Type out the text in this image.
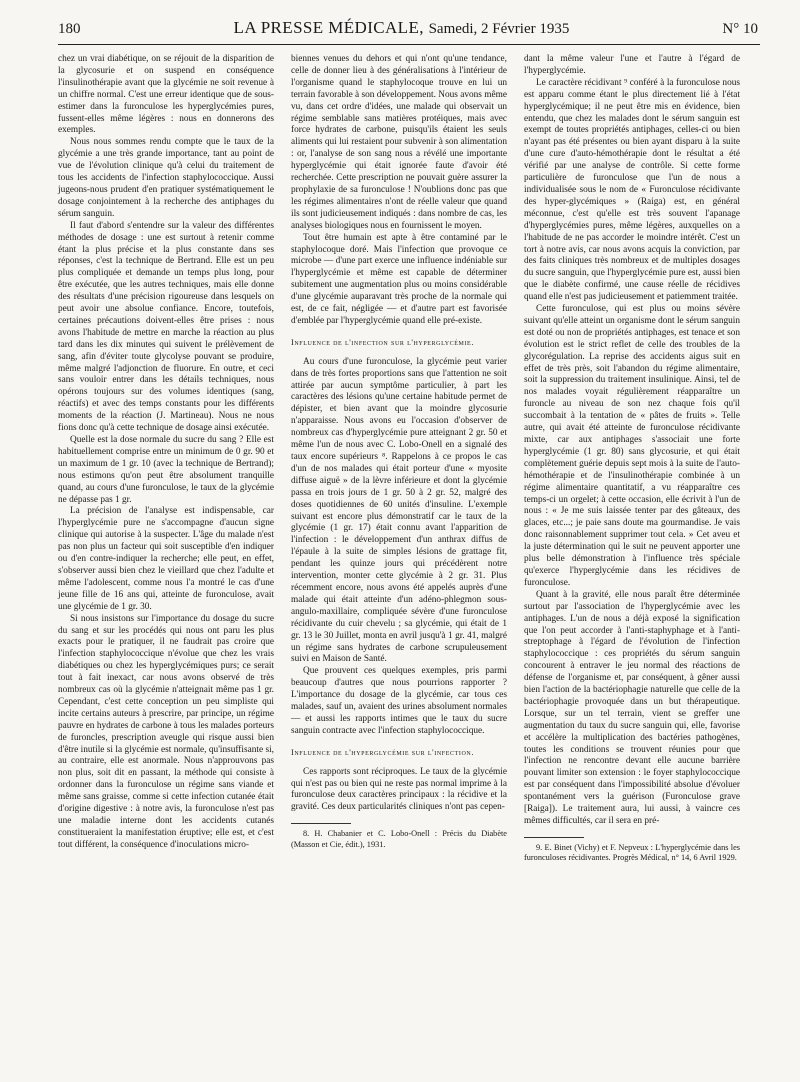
180	LA PRESSE MÉDICALE, Samedi, 2 Février 1935	N° 10

chez un vrai diabétique, on se réjouit de la disparition de la glycosurie et on suspend en conséquence l'insulinothérapie avant que la glycémie ne soit revenue à un chiffre normal. C'est une erreur identique que de sous-estimer dans la furonculose les hyperglycémies pures, fussent-elles même légères : nous en donnerons des exemples.

Nous nous sommes rendu compte que le taux de la glycémie a une très grande importance, tant au point de vue de l'évolution clinique qu'à celui du traitement de tous les accidents de l'infection staphylococcique. Aussi jugeons-nous prudent d'en pratiquer systématiquement le dosage conjointement à la recherche des antiphages du sérum sanguin.

Il faut d'abord s'entendre sur la valeur des différentes méthodes de dosage : une est surtout à retenir comme étant la plus précise et la plus constante dans ses réponses, c'est la technique de Bertrand. Elle est un peu plus compliquée et demande un temps plus long, pour être exécutée, que les autres techniques, mais elle donne des résultats d'une précision rigoureuse dans lesquels on peut avoir une absolue confiance. Encore, toutefois, certaines précautions doivent-elles être prises : nous avons l'habitude de mettre en marche la réaction au plus tard dans les dix minutes qui suivent le prélèvement de sang, afin d'éviter toute glycolyse pouvant se produire, même malgré l'adjonction de fluorure. En outre, et ceci sans vouloir entrer dans les détails techniques, nous opérons toujours sur des volumes identiques (sang, réactifs) et avec des temps constants pour les différents moments de la réaction (J. Martineau). Nous ne nous fions donc qu'à cette technique de dosage ainsi exécutée.

Quelle est la dose normale du sucre du sang ? Elle est habituellement comprise entre un minimum de 0 gr. 90 et un maximum de 1 gr. 10 (avec la technique de Bertrand); nous estimons qu'on peut être absolument tranquille quand, au cours d'une furonculose, le taux de la glycémie ne dépasse pas 1 gr.

La précision de l'analyse est indispensable, car l'hyperglycémie pure ne s'accompagne d'aucun signe clinique qui autorise à la suspecter. L'âge du malade n'est pas non plus un facteur qui soit susceptible d'en indiquer ou d'en contre-indiquer la recherche; elle peut, en effet, s'observer aussi bien chez le vieillard que chez l'adulte et même l'adolescent, comme nous l'a montré le cas d'une jeune fille de 16 ans qui, atteinte de furonculose, avait une glycémie de 1 gr. 30.

Si nous insistons sur l'importance du dosage du sucre du sang et sur les procédés qui nous ont paru les plus exacts pour le pratiquer, il ne faudrait pas croire que l'infection staphylococcique n'évolue que chez les vrais diabétiques ou chez les hyperglycémiques purs; ce serait tout à fait inexact, car nous avons observé de très nombreux cas où la glycémie n'atteignait même pas 1 gr. Cependant, c'est cette conception un peu simpliste qui incite certains auteurs à prescrire, par principe, un régime pauvre en hydrates de carbone à tous les malades porteurs de furoncles, prescription aveugle qui risque aussi bien d'être inutile si la glycémie est normale, qu'insuffisante si, au contraire, elle est anormale. Nous n'approuvons pas non plus, soit dit en passant, la méthode qui consiste à ordonner dans la furonculose un régime sans viande et même sans graisse, comme si cette infection cutanée était d'origine digestive : à notre avis, la furonculose n'est pas une maladie interne dont les accidents cutanés constitueraient la manifestation éruptive; elle est, et c'est tout différent, la conséquence d'inoculations micro-

biennes venues du dehors et qui n'ont qu'une tendance, celle de donner lieu à des généralisations à l'intérieur de l'organisme quand le staphylocoque trouve en lui un terrain favorable à son développement. Nous avons même vu, dans cet ordre d'idées, une malade qui observait un régime semblable sans matières protéiques, mais avec force hydrates de carbone, puisqu'ils étaient les seuls aliments qui lui restaient pour subvenir à son alimentation : or, l'analyse de son sang nous a révélé une importante hyperglycémie qui était ignorée faute d'avoir été recherchée. Cette prescription ne pouvait guère assurer la prophylaxie de sa furonculose ! N'oublions donc pas que les régimes alimentaires n'ont de réelle valeur que quand ils sont judicieusement indiqués : dans nombre de cas, les analyses biologiques nous en fournissent le moyen.

Tout être humain est apte à être contaminé par le staphylocoque doré. Mais l'infection que provoque ce microbe — d'une part exerce une influence indéniable sur l'hyperglycémie et même est capable de déterminer subitement une augmentation plus ou moins considérable d'une glycémie auparavant très proche de la normale qui est, de ce fait, négligée — et d'autre part est favorisée d'emblée par l'hyperglycémie quand elle pré-existe.

Influence de l'infection sur l'hyperglycémie.

Au cours d'une furonculose, la glycémie peut varier dans de très fortes proportions sans que l'attention ne soit attirée par aucun symptôme particulier, à part les caractères des lésions qu'une certaine habitude permet de dépister, et bien avant que la moindre glycosurie n'apparaisse. Nous avons eu l'occasion d'observer de nombreux cas d'hyperglycémie pure atteignant 2 gr. 50 et même l'un de nous avec C. Lobo-Onell en a signalé des taux encore supérieurs ⁸. Rappelons à ce propos le cas d'un de nos malades qui était porteur d'une « myosite diffuse aiguë » de la lèvre inférieure et dont la glycémie passa en trois jours de 1 gr. 50 à 2 gr. 52, malgré des doses quotidiennes de 60 unités d'insuline. L'exemple suivant est encore plus démonstratif car le taux de la glycémie (1 gr. 17) était connu avant l'apparition de l'infection : le développement d'un anthrax diffus de l'épaule à la suite de simples lésions de grattage fit, pendant les quinze jours qui précédèrent notre intervention, monter cette glycémie à 2 gr. 31. Plus récemment encore, nous avons été appelés auprès d'une malade qui était atteinte d'un adéno-phlegmon sous-angulo-maxillaire, compliquée sévère d'une furonculose récidivante du cuir chevelu ; sa glycémie, qui était de 1 gr. 13 le 30 Juillet, monta en avril jusqu'à 1 gr. 41, malgré un régime sans hydrates de carbone scrupuleusement suivi en Maison de Santé.

Que prouvent ces quelques exemples, pris parmi beaucoup d'autres que nous pourrions rapporter ? L'importance du dosage de la glycémie, car tous ces malades, sauf un, avaient des urines absolument normales — et aussi les rapports intimes que le taux du sucre sanguin contracte avec l'infection staphylococcique.

Influence de l'hyperglycémie sur l'infection.

Ces rapports sont réciproques. Le taux de la glycémie qui n'est pas ou bien qui ne reste pas normal imprime à la furonculose deux caractères principaux : la récidive et la gravité. Ces deux particularités cliniques n'ont pas cepen-

8. H. Chabanier et C. Lobo-Onell : Précis du Diabète (Masson et Cie, édit.), 1931.

dant la même valeur l'une et l'autre à l'égard de l'hyperglycémie.

Le caractère récidivant ⁹ conféré à la furonculose nous est apparu comme étant le plus directement lié à l'état hyperglycémique; il ne peut être mis en évidence, bien entendu, que chez les malades dont le sérum sanguin est exempt de toutes propriétés antiphages, celles-ci ou bien n'ayant pas été présentes ou bien ayant disparu à la suite d'une cure d'auto-hémothérapie dont le résultat a été vérifié par une analyse de contrôle. Si cette forme particulière de furonculose que l'un de nous a individualisée sous le nom de « Furonculose récidivante des hyper-glycémiques » (Raiga) est, en général méconnue, c'est qu'elle est très souvent l'apanage d'hyperglycémies pures, même légères, auxquelles on a l'habitude de ne pas accorder le moindre intérêt. C'est un tort à notre avis, car nous avons acquis la conviction, par des faits cliniques très nombreux et de multiples dosages du sucre sanguin, que l'hyperglycémie pure est, aussi bien que le diabète confirmé, une cause réelle de récidives quand elle n'est pas judicieusement et patiemment traitée.

Cette furonculose, qui est plus ou moins sévère suivant qu'elle atteint un organisme dont le sérum sanguin est doté ou non de propriétés antiphages, est tenace et son évolution est le strict reflet de celle des troubles de la glycorégulation. La reprise des accidents aigus suit en effet de très près, soit l'abandon du régime alimentaire, soit la suppression du traitement insulinique. Ainsi, tel de nos malades voyait régulièrement réapparaître un furoncle au niveau de son nez chaque fois qu'il succombait à la tentation de « pâtes de fruits ». Telle autre, qui avait été atteinte de furonculose récidivante mixte, car aux antiphages s'associait une forte hyperglycémie (1 gr. 80) sans glycosurie, et qui était complètement guérie depuis sept mois à la suite de l'auto-hémothérapie et de l'insulinothérapie combinée à un régime alimentaire quantitatif, a vu réapparaître ces temps-ci un orgelet; à cette occasion, elle écrivit à l'un de nous : « Je me suis laissée tenter par des gâteaux, des glaces, etc...; je paie sans doute ma gourmandise. Je vais donc raisonnablement supprimer tout cela. » Cet aveu et la juste détermination qui le suit ne peuvent apporter une plus belle démonstration à l'influence très spéciale qu'exerce l'hyperglycémie dans les récidives de furonculose.

Quant à la gravité, elle nous paraît être déterminée surtout par l'association de l'hyperglycémie avec les antiphages. L'un de nous a déjà exposé la signification que l'on peut accorder à l'anti-staphyphage et à l'anti-streptophage à l'égard de l'évolution de l'infection staphylococcique : ces propriétés du sérum sanguin concourent à entraver le jeu normal des réactions de défense de l'organisme et, par conséquent, à gêner aussi bien l'action de la bactériophagie naturelle que celle de la bactériophagie provoquée dans un but thérapeutique. Lorsque, sur un tel terrain, vient se greffer une augmentation du taux du sucre sanguin qui, elle, favorise et accélère la multiplication des bactéries pathogènes, toutes les conditions se trouvent réunies pour que l'infection ne rencontre devant elle aucune barrière pouvant limiter son extension : le foyer staphylococcique est par conséquent dans l'impossibilité absolue d'évoluer spontanément vers la guérison (Furonculose grave [Raiga]). Le traitement aura, lui aussi, à vaincre ces mêmes difficultés, car il sera en pré-

9. E. Binet (Vichy) et F. Nepveux : L'hyperglycémie dans les furonculoses récidivantes. Progrès Médical, n° 14, 6 Avril 1929.
